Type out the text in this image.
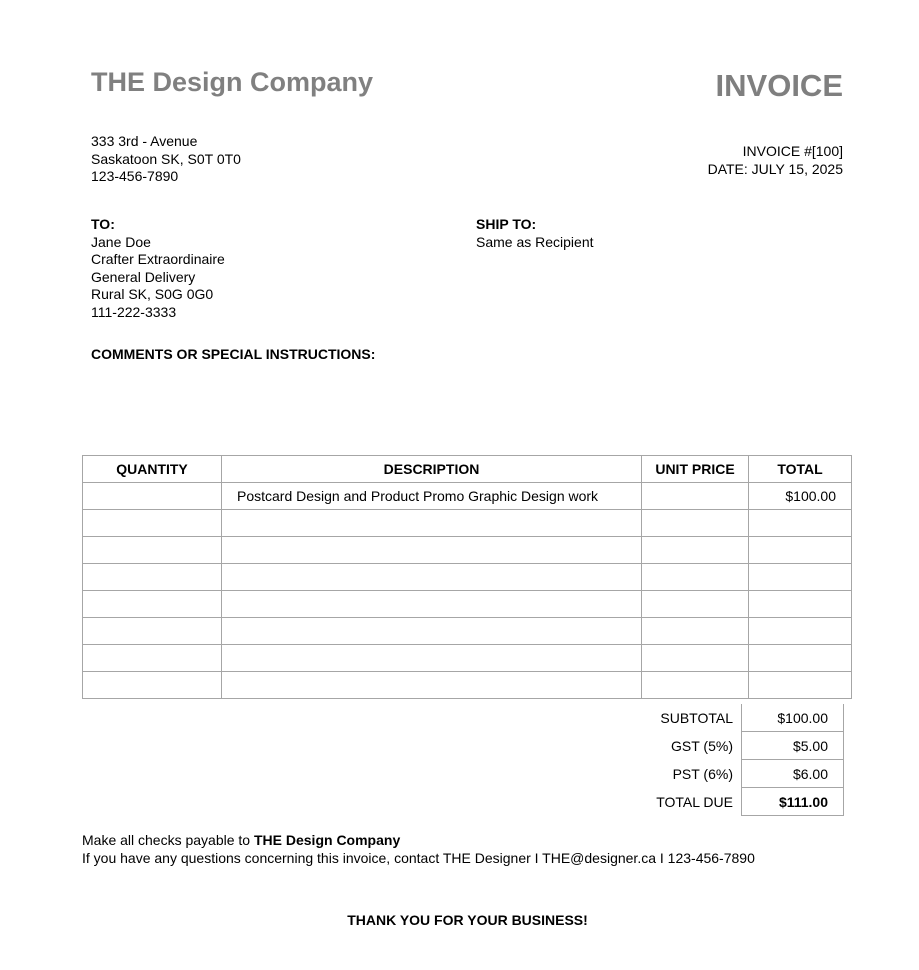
THE Design Company	INVOICE
333 3rd - Avenue
Saskatoon SK, S0T 0T0
123-456-7890
INVOICE #[100]
DATE: JULY 15, 2025
TO:
Jane Doe
Crafter Extraordinaire
General Delivery
Rural SK, S0G 0G0
111-222-3333
SHIP TO:
Same as Recipient
COMMENTS OR SPECIAL INSTRUCTIONS:
QUANTITY	DESCRIPTION	UNIT PRICE	TOTAL
	Postcard Design and Product Promo Graphic Design work		$100.00

SUBTOTAL	$100.00
GST (5%)	$5.00
PST (6%)	$6.00
TOTAL DUE	$111.00
Make all checks payable to THE Design Company
If you have any questions concerning this invoice, contact THE Designer I THE@designer.ca I 123-456-7890
THANK YOU FOR YOUR BUSINESS!
